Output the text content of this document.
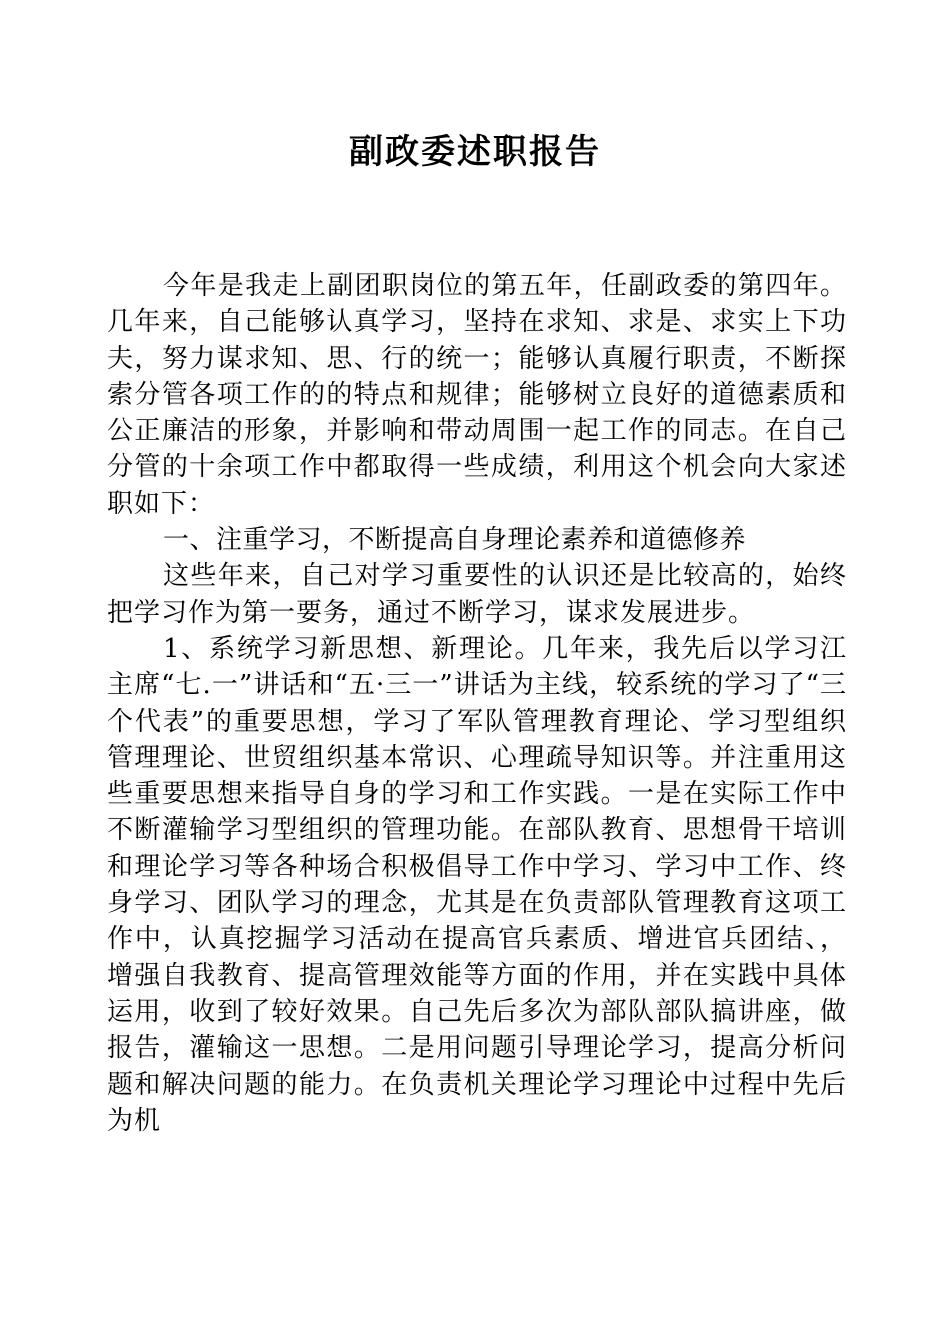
副政委述职报告

今年是我走上副团职岗位的第五年，任副政委的第四年。几年来，自己能够认真学习，坚持在求知、求是、求实上下功夫，努力谋求知、思、行的统一；能够认真履行职责，不断探索分管各项工作的的特点和规律；能够树立良好的道德素质和公正廉洁的形象，并影响和带动周围一起工作的同志。在自己分管的十余项工作中都取得一些成绩，利用这个机会向大家述职如下：

一、注重学习，不断提高自身理论素养和道德修养

这些年来，自己对学习重要性的认识还是比较高的，始终把学习作为第一要务，通过不断学习，谋求发展进步。

1、系统学习新思想、新理论。几年来，我先后以学习江主席“七.一”讲话和“五·三一”讲话为主线，较系统的学习了“三个代表”的重要思想，学习了军队管理教育理论、学习型组织管理理论、世贸组织基本常识、心理疏导知识等。并注重用这些重要思想来指导自身的学习和工作实践。一是在实际工作中不断灌输学习型组织的管理功能。在部队教育、思想骨干培训和理论学习等各种场合积极倡导工作中学习、学习中工作、终身学习、团队学习的理念，尤其是在负责部队管理教育这项工作中，认真挖掘学习活动在提高官兵素质、增进官兵团结、，增强自我教育、提高管理效能等方面的作用，并在实践中具体运用，收到了较好效果。自己先后多次为部队部队搞讲座，做报告，灌输这一思想。二是用问题引导理论学习，提高分析问题和解决问题的能力。在负责机关理论学习理论中过程中先后为机
